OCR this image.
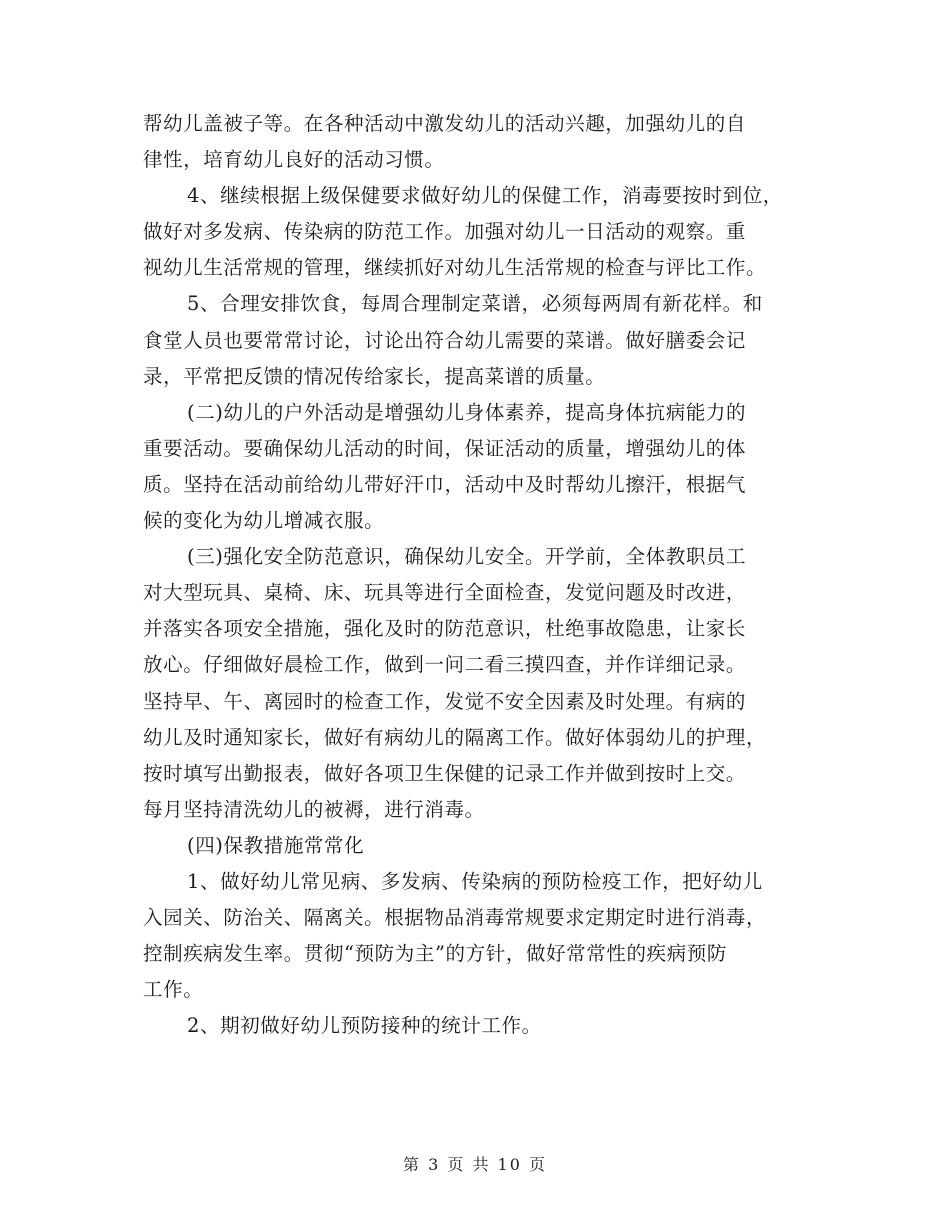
帮幼儿盖被子等。在各种活动中激发幼儿的活动兴趣，加强幼儿的自
律性，培育幼儿良好的活动习惯。
4、继续根据上级保健要求做好幼儿的保健工作，消毒要按时到位，
做好对多发病、传染病的防范工作。加强对幼儿一日活动的观察。重
视幼儿生活常规的管理，继续抓好对幼儿生活常规的检查与评比工作。
5、合理安排饮食，每周合理制定菜谱，必须每两周有新花样。和
食堂人员也要常常讨论，讨论出符合幼儿需要的菜谱。做好膳委会记
录，平常把反馈的情况传给家长，提高菜谱的质量。
(二)幼儿的户外活动是增强幼儿身体素养，提高身体抗病能力的
重要活动。要确保幼儿活动的时间，保证活动的质量，增强幼儿的体
质。坚持在活动前给幼儿带好汗巾，活动中及时帮幼儿擦汗，根据气
候的变化为幼儿增减衣服。
(三)强化安全防范意识，确保幼儿安全。开学前，全体教职员工
对大型玩具、桌椅、床、玩具等进行全面检查，发觉问题及时改进，
并落实各项安全措施，强化及时的防范意识，杜绝事故隐患，让家长
放心。仔细做好晨检工作，做到一问二看三摸四查，并作详细记录。
坚持早、午、离园时的检查工作，发觉不安全因素及时处理。有病的
幼儿及时通知家长，做好有病幼儿的隔离工作。做好体弱幼儿的护理，
按时填写出勤报表，做好各项卫生保健的记录工作并做到按时上交。
每月坚持清洗幼儿的被褥，进行消毒。
(四)保教措施常常化
1、做好幼儿常见病、多发病、传染病的预防检疫工作，把好幼儿
入园关、防治关、隔离关。根据物品消毒常规要求定期定时进行消毒，
控制疾病发生率。贯彻“预防为主”的方针，做好常常性的疾病预防
工作。
2、期初做好幼儿预防接种的统计工作。
第 3 页 共 10 页
